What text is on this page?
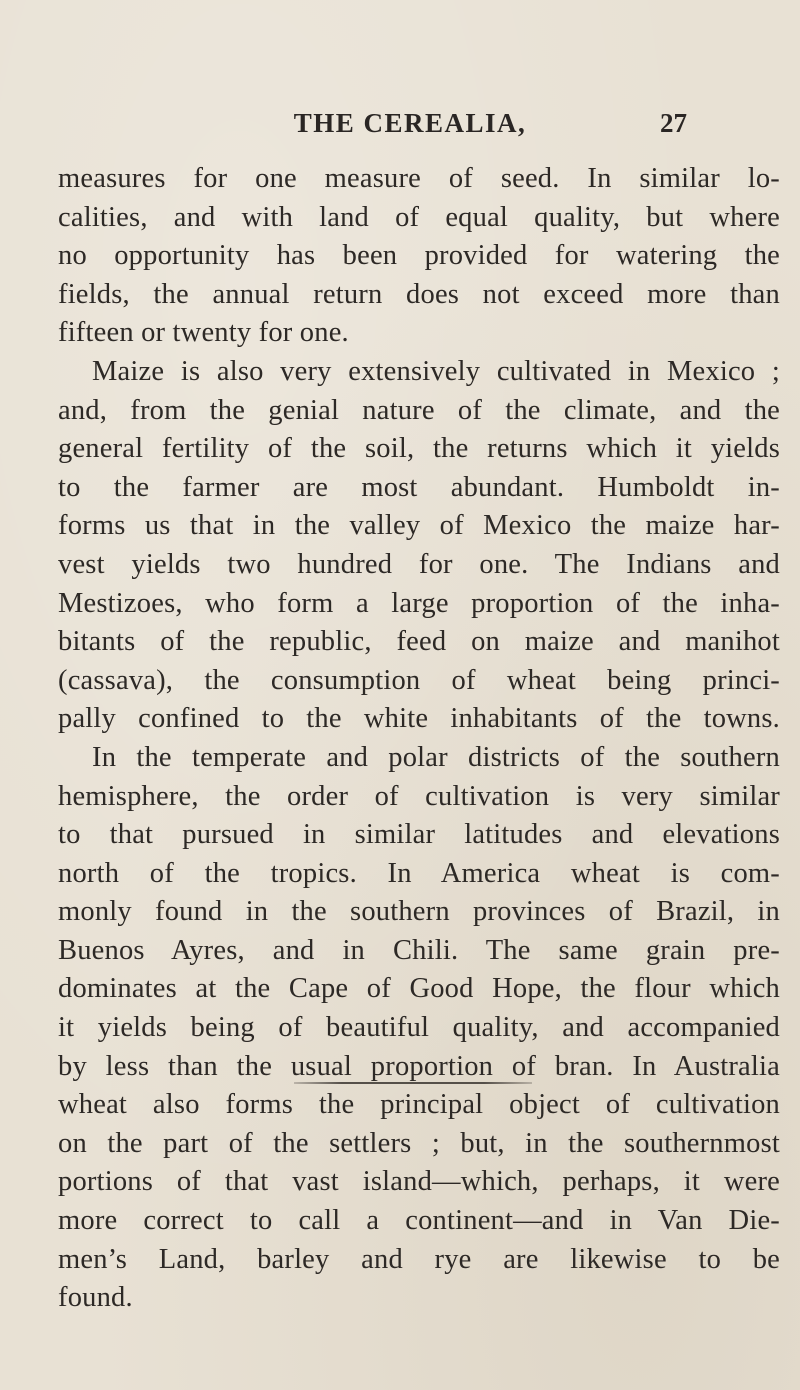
THE CEREALIA,	27
measures for one measure of seed. In similar lo-
calities, and with land of equal quality, but where
no opportunity has been provided for watering the
fields, the annual return does not exceed more than
fifteen or twenty for one.
Maize is also very extensively cultivated in Mexico ;
and, from the genial nature of the climate, and the
general fertility of the soil, the returns which it yields
to the farmer are most abundant. Humboldt in-
forms us that in the valley of Mexico the maize har-
vest yields two hundred for one. The Indians and
Mestizoes, who form a large proportion of the inha-
bitants of the republic, feed on maize and manihot
(cassava), the consumption of wheat being princi-
pally confined to the white inhabitants of the towns.
In the temperate and polar districts of the southern
hemisphere, the order of cultivation is very similar
to that pursued in similar latitudes and elevations
north of the tropics. In America wheat is com-
monly found in the southern provinces of Brazil, in
Buenos Ayres, and in Chili. The same grain pre-
dominates at the Cape of Good Hope, the flour which
it yields being of beautiful quality, and accompanied
by less than the usual proportion of bran. In Australia
wheat also forms the principal object of cultivation
on the part of the settlers ; but, in the southernmost
portions of that vast island—which, perhaps, it were
more correct to call a continent—and in Van Die-
men’s Land, barley and rye are likewise to be
found.
